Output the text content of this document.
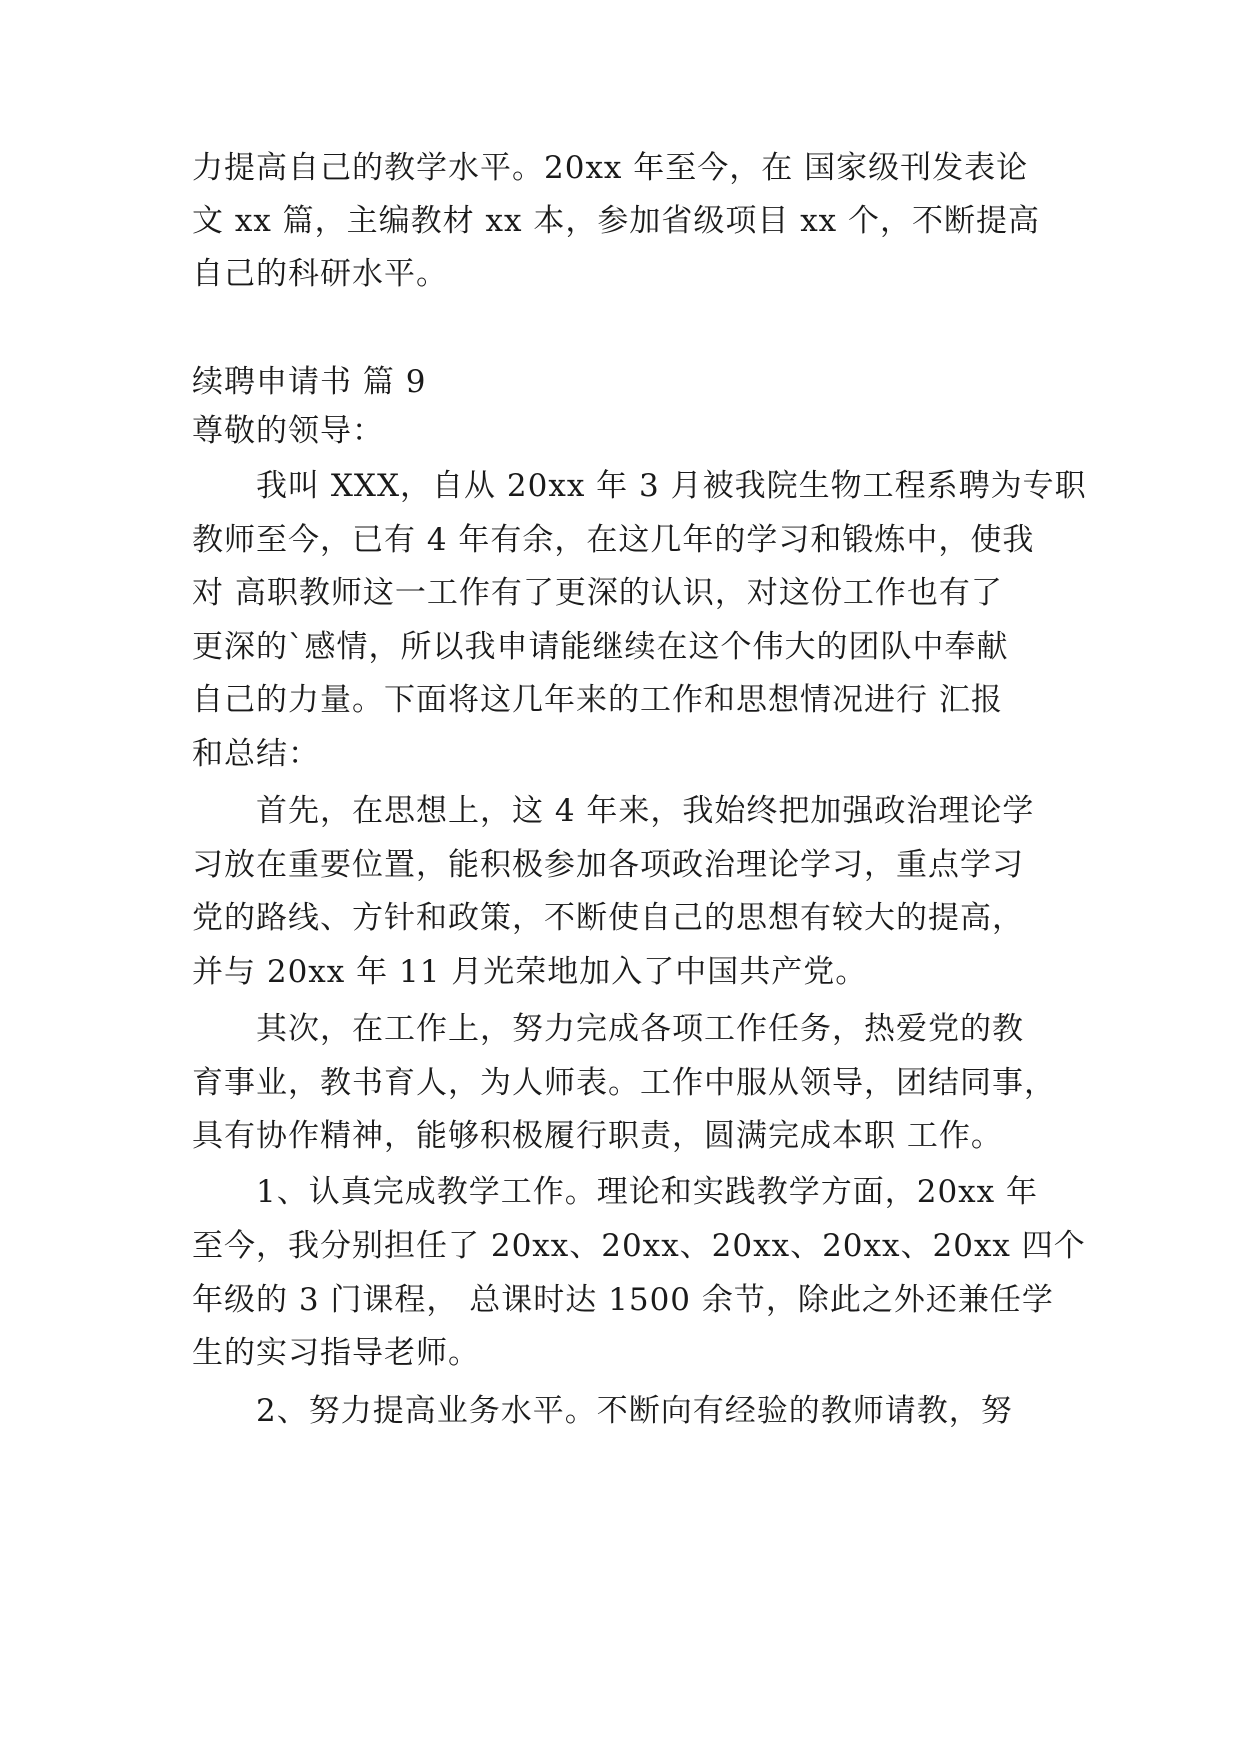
力提高自己的教学水平。20xx 年至今，在 国家级刊发表论
文 xx 篇，主编教材 xx 本，参加省级项目 xx 个，不断提高
自己的科研水平。
续聘申请书 篇 9
尊敬的领导：
我叫 XXX，自从 20xx 年 3 月被我院生物工程系聘为专职
教师至今，已有 4 年有余，在这几年的学习和锻炼中，使我
对 高职教师这一工作有了更深的认识，对这份工作也有了
更深的`感情，所以我申请能继续在这个伟大的团队中奉献
自己的力量。下面将这几年来的工作和思想情况进行 汇报
和总结：
首先，在思想上，这 4 年来，我始终把加强政治理论学
习放在重要位置，能积极参加各项政治理论学习，重点学习
党的路线、方针和政策，不断使自己的思想有较大的提高，
并与 20xx 年 11 月光荣地加入了中国共产党。
其次，在工作上，努力完成各项工作任务，热爱党的教
育事业，教书育人，为人师表。工作中服从领导，团结同事，
具有协作精神，能够积极履行职责，圆满完成本职 工作。
1、认真完成教学工作。理论和实践教学方面，20xx 年
至今，我分别担任了 20xx、20xx、20xx、20xx、20xx 四个
年级的 3 门课程， 总课时达 1500 余节，除此之外还兼任学
生的实习指导老师。
2、努力提高业务水平。不断向有经验的教师请教，努
